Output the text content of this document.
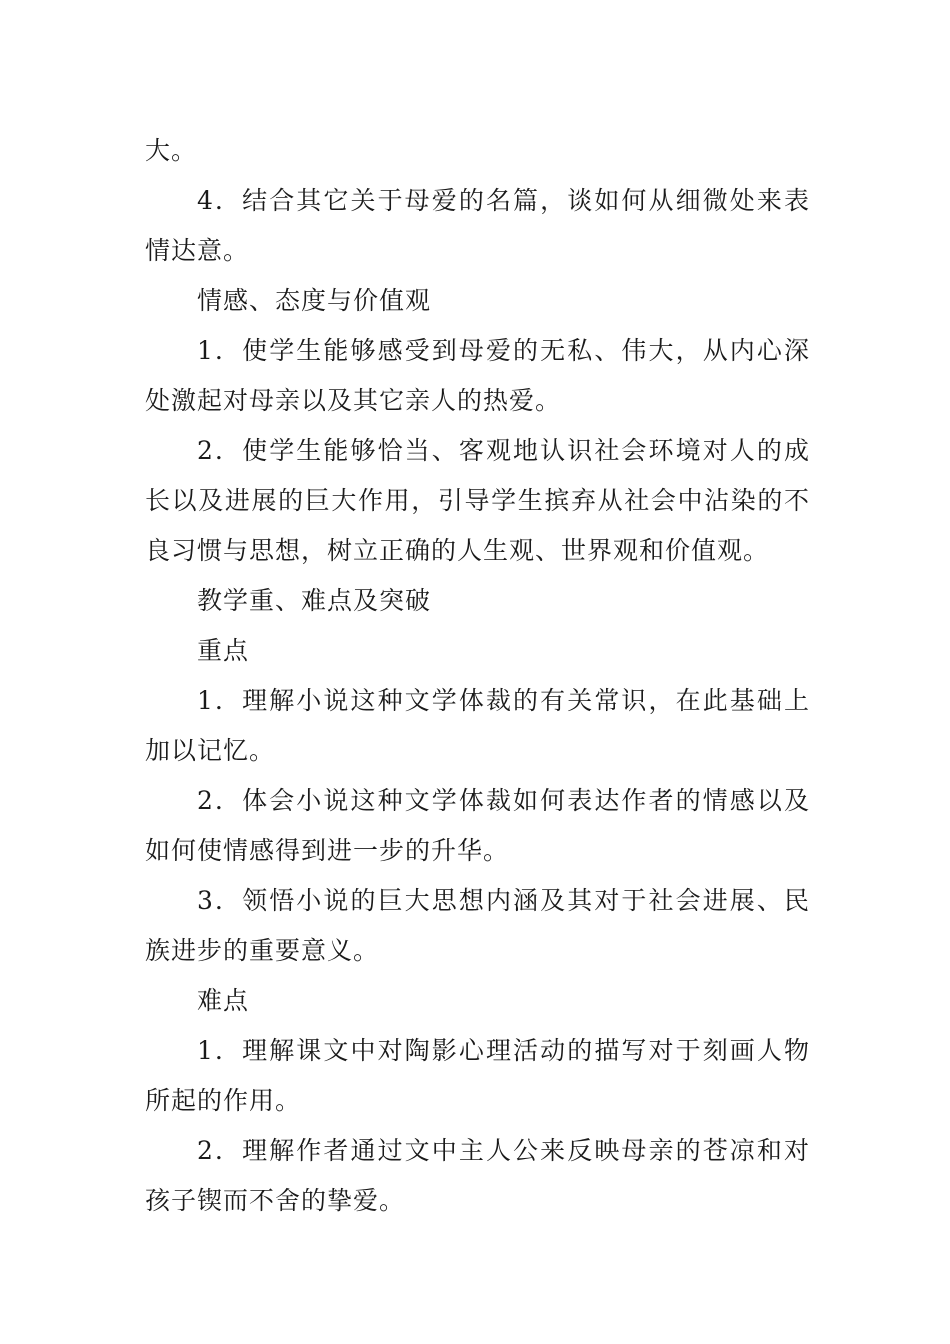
大。

4．结合其它关于母爱的名篇，谈如何从细微处来表情达意。

情感、态度与价值观

1．使学生能够感受到母爱的无私、伟大，从内心深处激起对母亲以及其它亲人的热爱。

2．使学生能够恰当、客观地认识社会环境对人的成长以及进展的巨大作用，引导学生摈弃从社会中沾染的不良习惯与思想，树立正确的人生观、世界观和价值观。

教学重、难点及突破

重点

1．理解小说这种文学体裁的有关常识，在此基础上加以记忆。

2．体会小说这种文学体裁如何表达作者的情感以及如何使情感得到进一步的升华。

3．领悟小说的巨大思想内涵及其对于社会进展、民族进步的重要意义。

难点

1．理解课文中对陶影心理活动的描写对于刻画人物所起的作用。

2．理解作者通过文中主人公来反映母亲的苍凉和对孩子锲而不舍的挚爱。
